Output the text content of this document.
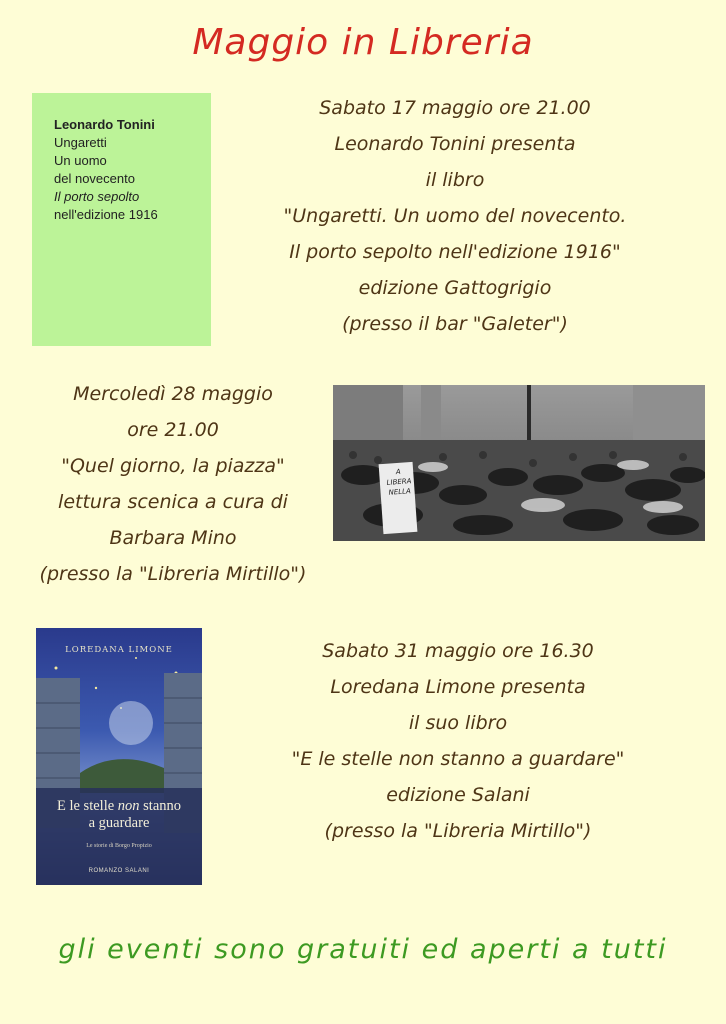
Maggio in Libreria
Leonardo Tonini
Ungaretti
Un uomo
del novecento
Il porto sepolto
nell'edizione 1916
Sabato 17 maggio ore 21.00
Leonardo Tonini presenta
il libro
"Ungaretti. Un uomo del novecento.
Il porto sepolto nell'edizione 1916"
edizione Gattogrigio
(presso il bar "Galeter")
Mercoledì 28 maggio
ore 21.00
"Quel giorno, la piazza"
lettura scenica a cura di
Barbara Mino
(presso la "Libreria Mirtillo")
A
LIBERA
NELLA
LOREDANA LIMONE
E le stelle non stanno
a guardare
Le storie di Borgo Propizio
ROMANZO SALANI
Sabato 31 maggio ore 16.30
Loredana Limone presenta
il suo libro
"E le stelle non stanno a guardare"
edizione Salani
(presso la "Libreria Mirtillo")
gli eventi sono gratuiti ed aperti a tutti
